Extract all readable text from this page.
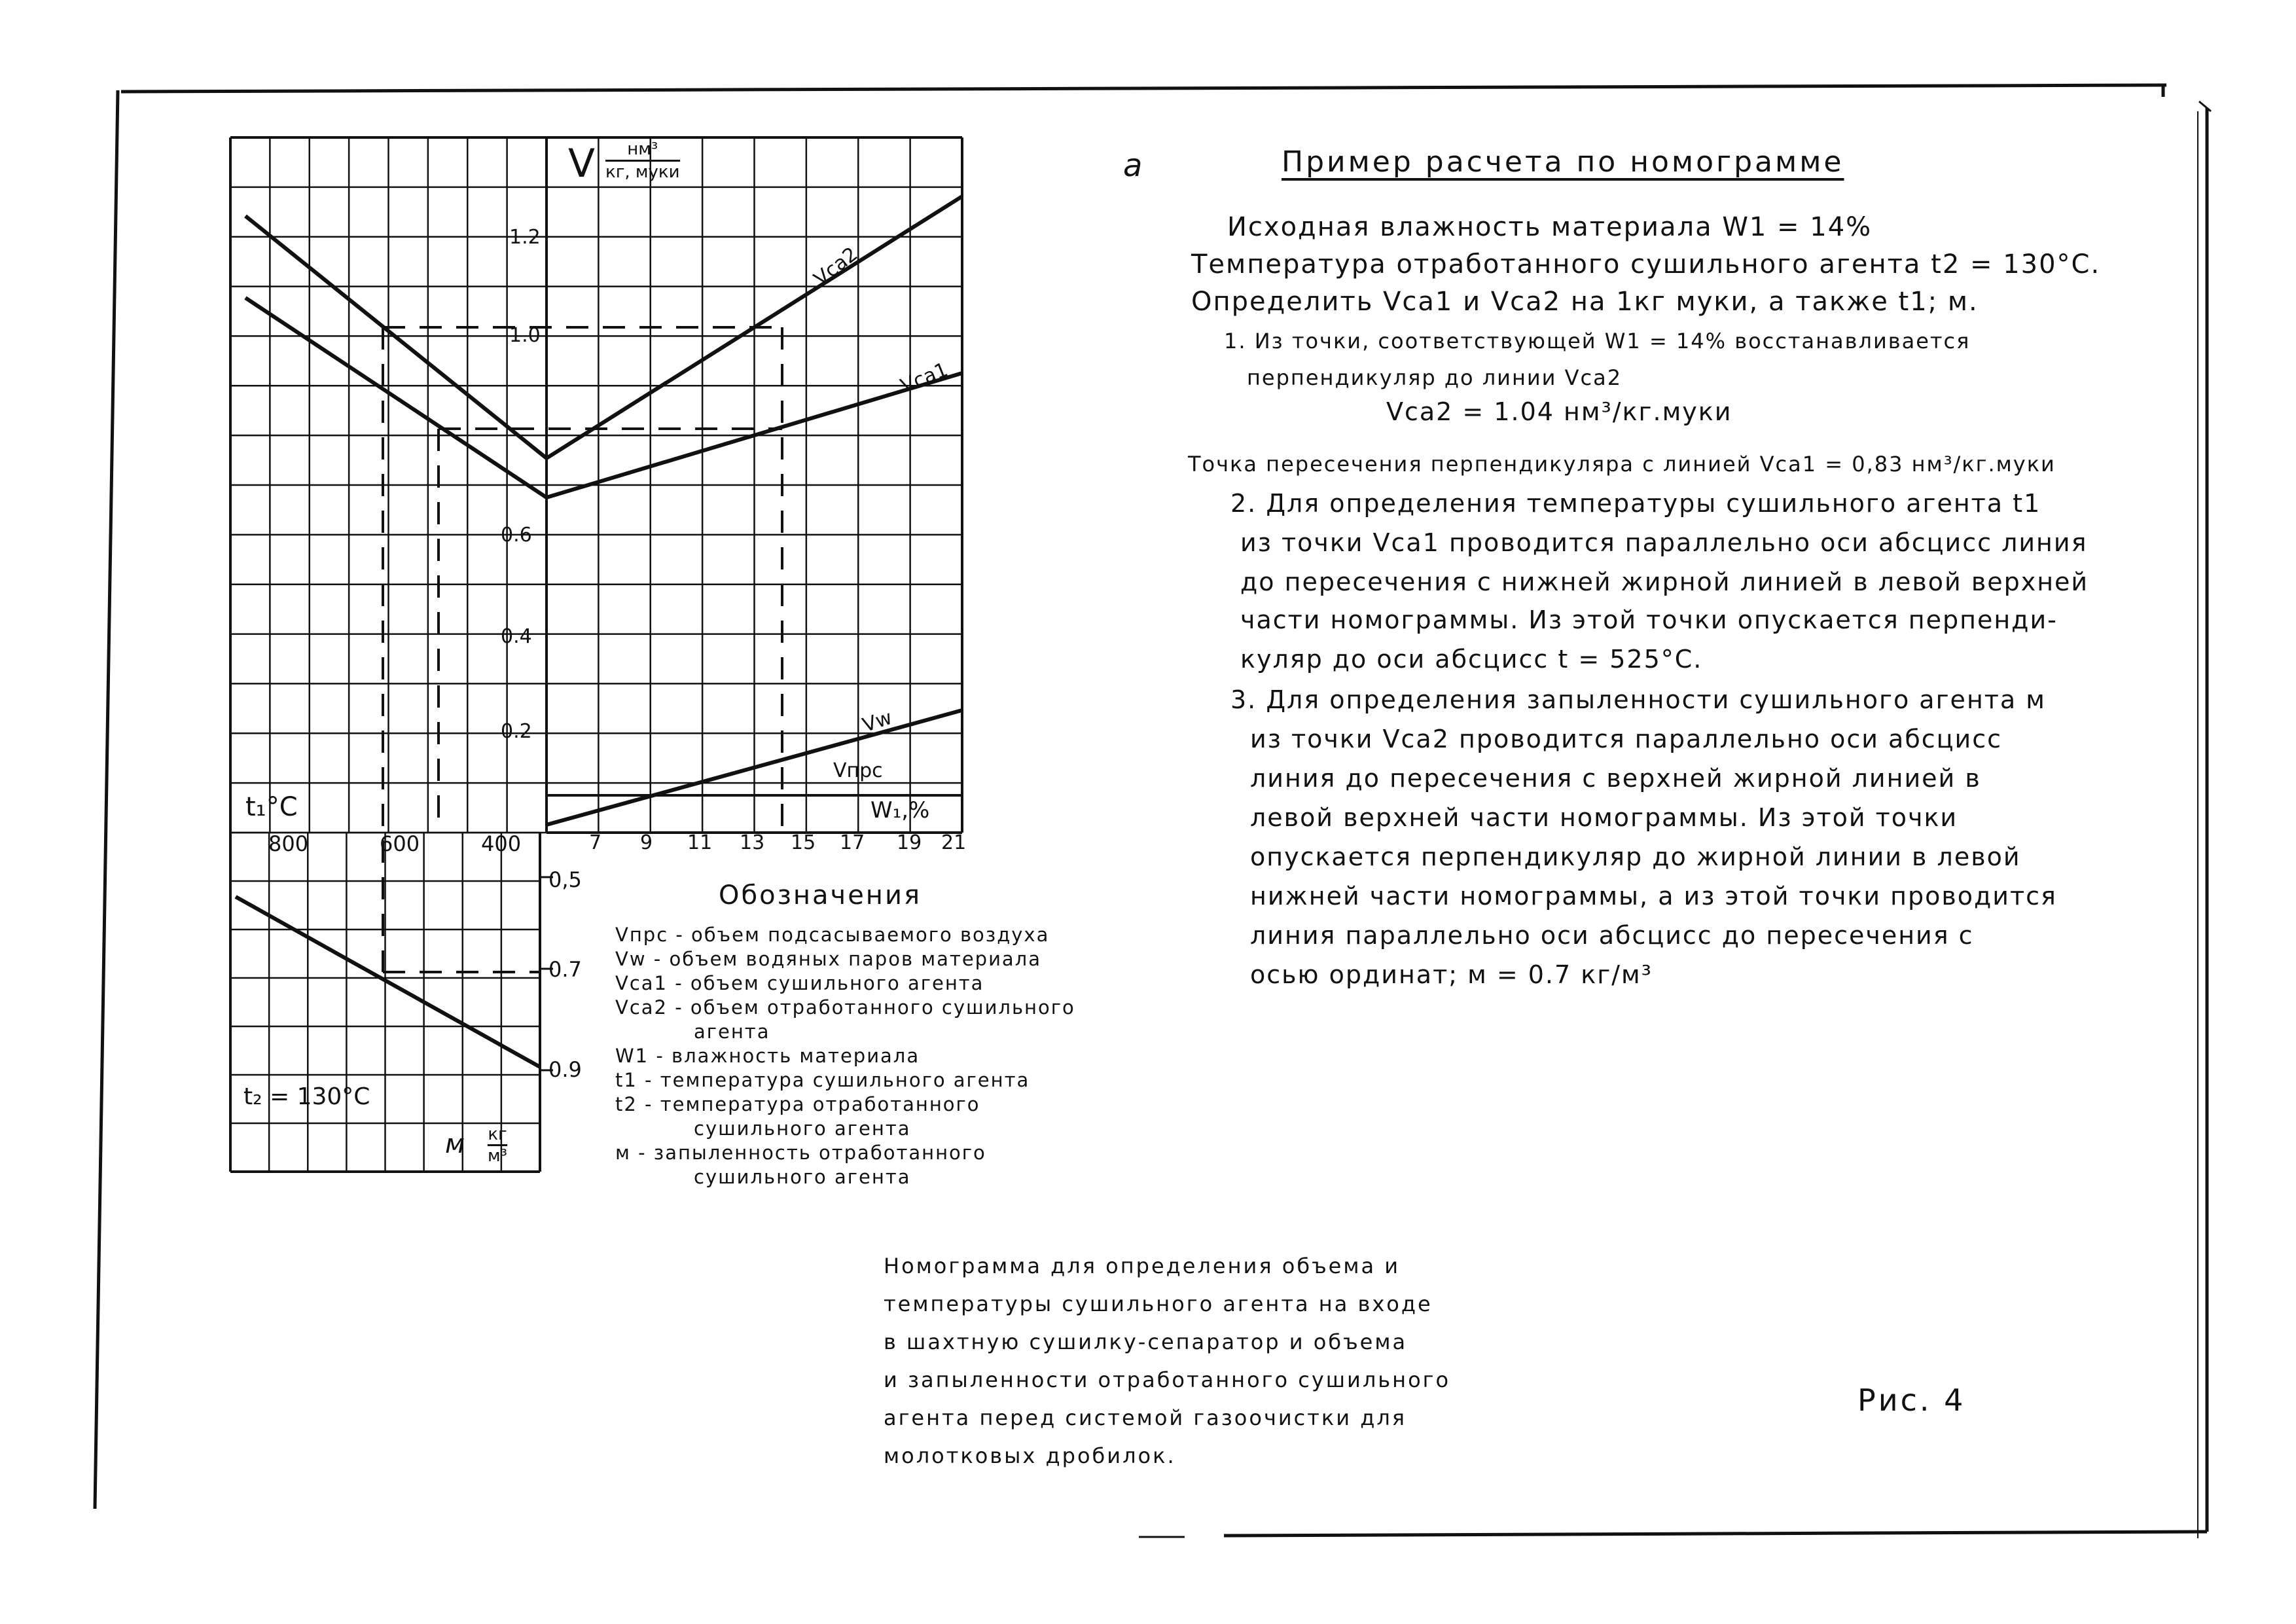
V	нм³
кг, муки
1.2
1.0
0.6
0.4
0.2
7 9 11 13 15 17 19 21
W₁,%
t₁°C
800	600	400
0,5
0.7
0.9
t₂ = 130°C
м кг
м³
Vca2
Vca1
Vw
Vпрс
a
Обозначения
Vпрс - объем подсасываемого воздуха
Vw - объем водяных паров материала
Vca1 - объем сушильного агента
Vca2 - объем отработанного сушильного
агента
W1 - влажность материала
t1 - температура сушильного агента
t2 - температура отработанного
сушильного агента
м - запыленность отработанного
сушильного агента
Пример расчета по номограмме
Исходная влажность материала W1 = 14%
Температура отработанного сушильного агента t2 = 130°C.
Определить Vca1 и Vca2 на 1кг муки, а также t1; м.
1. Из точки, соответствующей W1 = 14% восстанавливается
перпендикуляр до линии Vca2
Vca2 = 1.04 нм³/кг.муки
Точка пересечения перпендикуляра с линией Vca1 = 0,83 нм³/кг.муки
2. Для определения температуры сушильного агента t1
из точки Vca1 проводится параллельно оси абсцисс линия
до пересечения с нижней жирной линией в левой верхней
части номограммы. Из этой точки опускается перпенди-
куляр до оси абсцисс t = 525°C.
3. Для определения запыленности сушильного агента м
из точки Vca2 проводится параллельно оси абсцисс
линия до пересечения с верхней жирной линией в
левой верхней части номограммы. Из этой точки
опускается перпендикуляр до жирной линии в левой
нижней части номограммы, а из этой точки проводится
линия параллельно оси абсцисс до пересечения с
осью ординат; м = 0.7 кг/м³
Номограмма для определения объема и
температуры сушильного агента на входе
в шахтную сушилку-сепаратор и объема
и запыленности отработанного сушильного
агента перед системой газоочистки для
молотковых дробилок.
Рис. 4
